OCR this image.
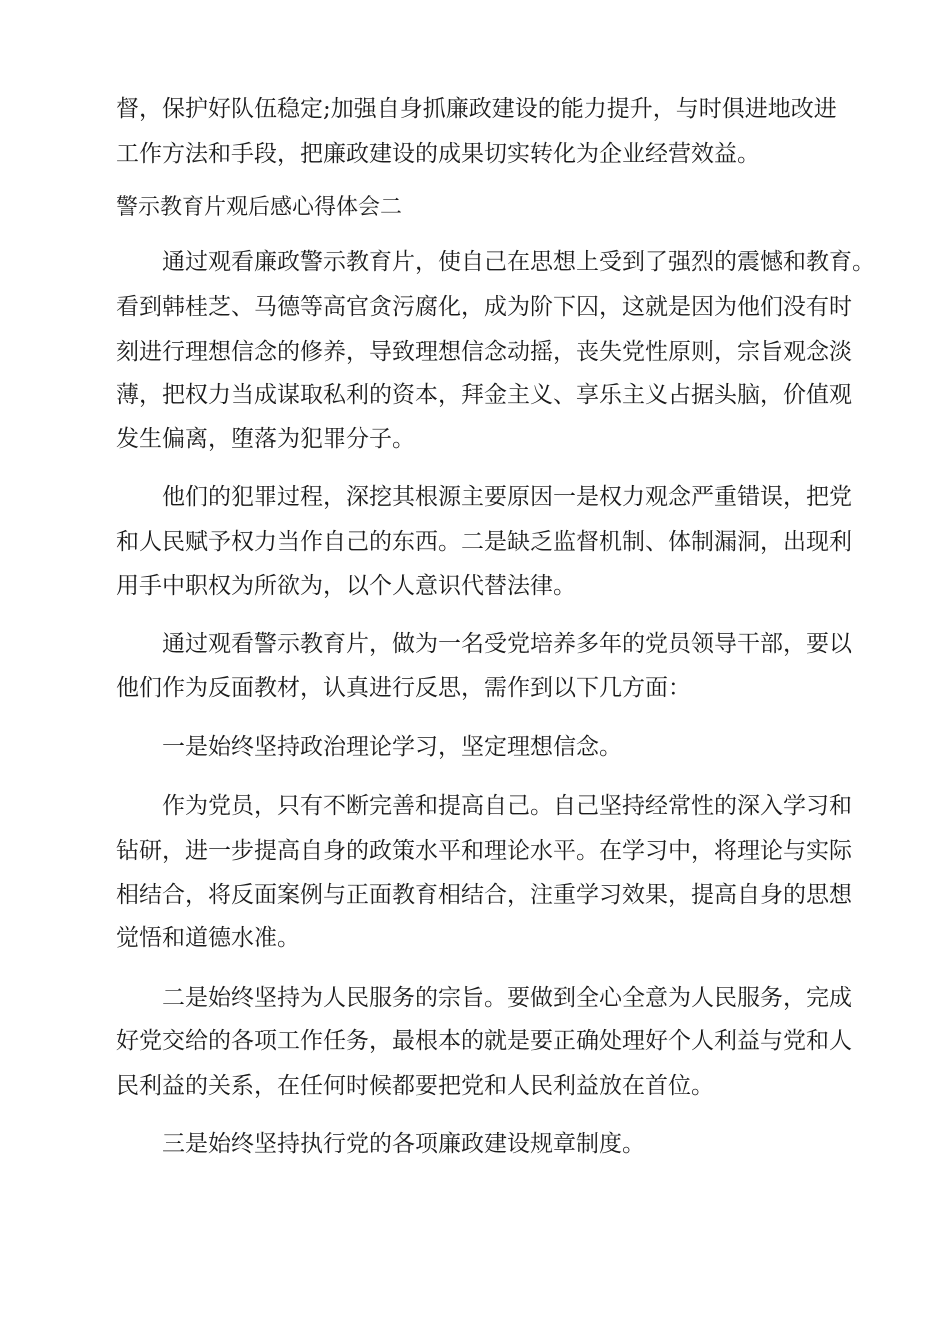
督，保护好队伍稳定;加强自身抓廉政建设的能力提升，与时俱进地改进

工作方法和手段，把廉政建设的成果切实转化为企业经营效益。

警示教育片观后感心得体会二

通过观看廉政警示教育片，使自己在思想上受到了强烈的震憾和教育。

看到韩桂芝、马德等高官贪污腐化，成为阶下囚，这就是因为他们没有时

刻进行理想信念的修养，导致理想信念动摇，丧失党性原则，宗旨观念淡

薄，把权力当成谋取私利的资本，拜金主义、享乐主义占据头脑，价值观

发生偏离，堕落为犯罪分子。

他们的犯罪过程，深挖其根源主要原因一是权力观念严重错误，把党

和人民赋予权力当作自己的东西。二是缺乏监督机制、体制漏洞，出现利

用手中职权为所欲为，以个人意识代替法律。

通过观看警示教育片，做为一名受党培养多年的党员领导干部，要以

他们作为反面教材，认真进行反思，需作到以下几方面：

一是始终坚持政治理论学习，坚定理想信念。

作为党员，只有不断完善和提高自己。自己坚持经常性的深入学习和

钻研，进一步提高自身的政策水平和理论水平。在学习中，将理论与实际

相结合，将反面案例与正面教育相结合，注重学习效果，提高自身的思想

觉悟和道德水准。

二是始终坚持为人民服务的宗旨。要做到全心全意为人民服务，完成

好党交给的各项工作任务，最根本的就是要正确处理好个人利益与党和人

民利益的关系，在任何时候都要把党和人民利益放在首位。

三是始终坚持执行党的各项廉政建设规章制度。
